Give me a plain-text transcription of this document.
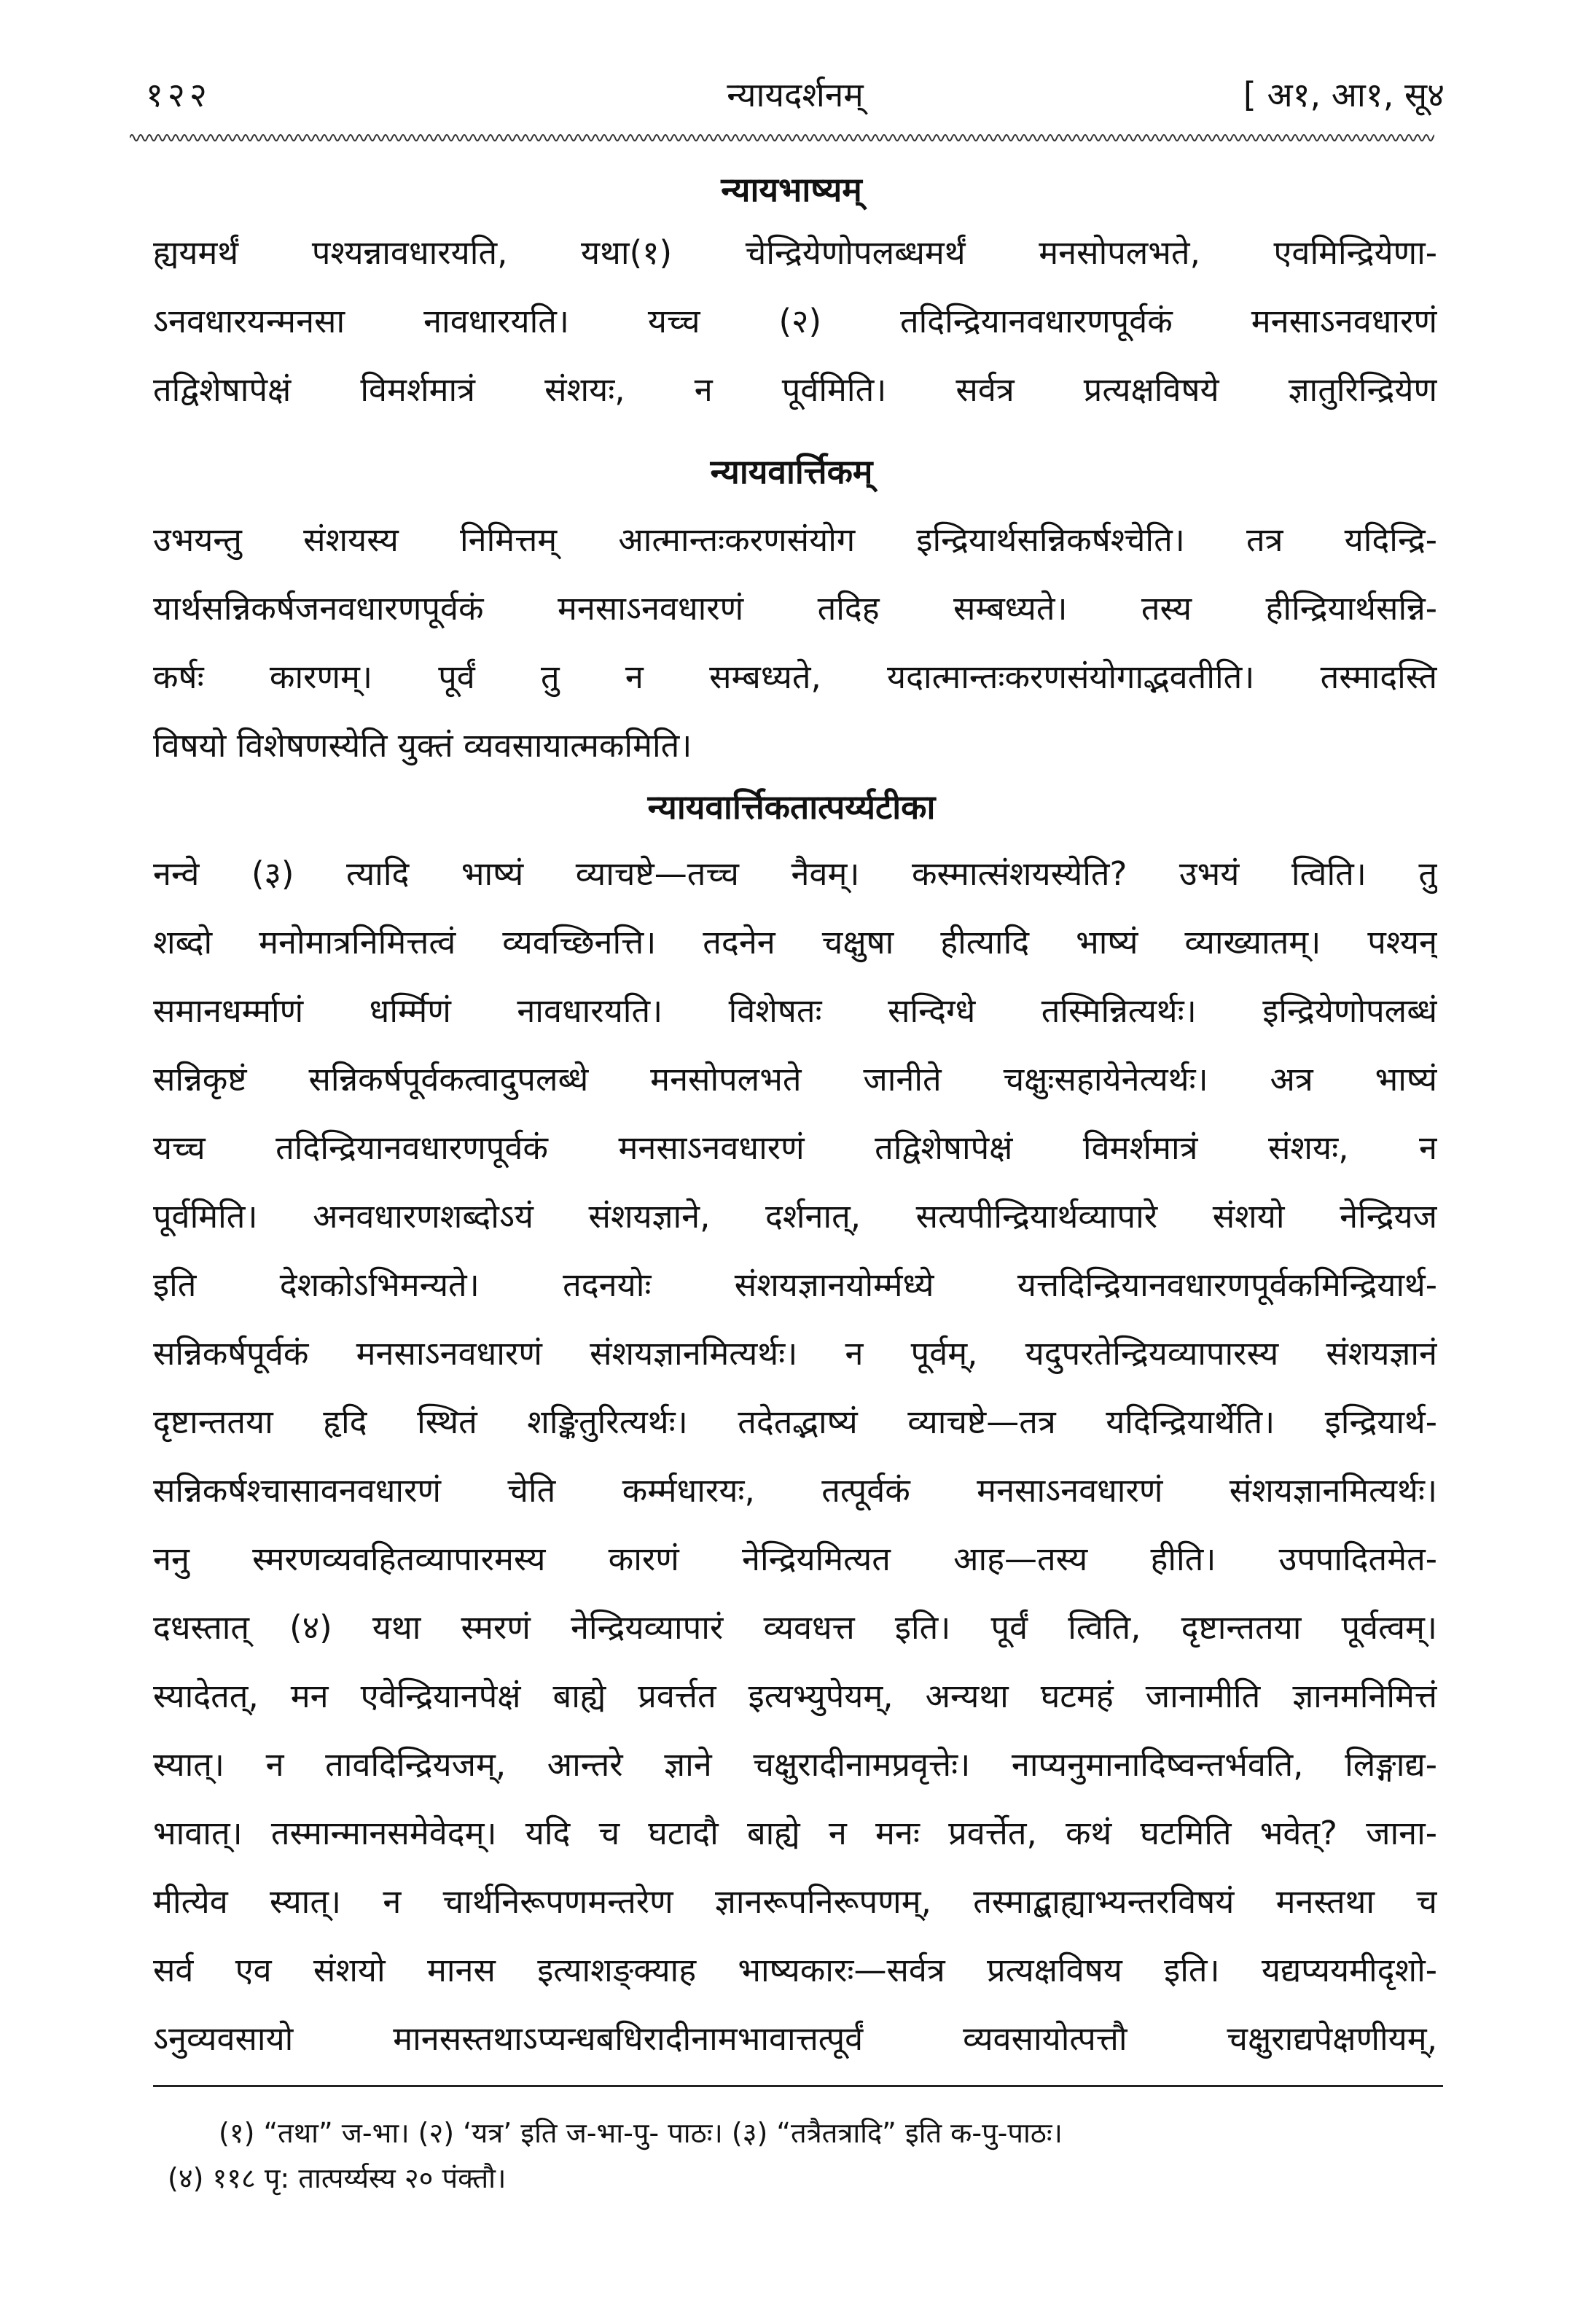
१२२	न्यायदर्शनम्	[ अ१, आ१, सू४
न्यायभाष्यम्
ह्ययमर्थं पश्यन्नावधारयति, यथा(१) चेन्द्रियेणोपलब्धमर्थं मनसोपलभते, एवमिन्द्रियेणा-
ऽनवधारयन्मनसा नावधारयति। यच्च (२) तदिन्द्रियानवधारणपूर्वकं मनसाऽनवधारणं
तद्विशेषापेक्षं विमर्शमात्रं संशयः, न पूर्वमिति। सर्वत्र प्रत्यक्षविषये ज्ञातुरिन्द्रियेण
न्यायवार्त्तिकम्
उभयन्तु संशयस्य निमित्तम् आत्मान्तःकरणसंयोग इन्द्रियार्थसन्निकर्षश्चेति। तत्र यदिन्द्रि-
यार्थसन्निकर्षजनवधारणपूर्वकं मनसाऽनवधारणं तदिह सम्बध्यते। तस्य हीन्द्रियार्थसन्नि-
कर्षः कारणम्। पूर्वं तु न सम्बध्यते, यदात्मान्तःकरणसंयोगाद्भवतीति। तस्मादस्ति
विषयो विशेषणस्येति युक्तं व्यवसायात्मकमिति।
न्यायवार्त्तिकतात्पर्य्यटीका
नन्वे (३) त्यादि भाष्यं व्याचष्टे—तच्च नैवम्। कस्मात्संशयस्येति? उभयं त्विति। तु
शब्दो मनोमात्रनिमित्तत्वं व्यवच्छिनत्ति। तदनेन चक्षुषा हीत्यादि भाष्यं व्याख्यातम्। पश्यन्
समानधर्म्माणं धर्म्मिणं नावधारयति। विशेषतः सन्दिग्धे तस्मिन्नित्यर्थः। इन्द्रियेणोपलब्धं
सन्निकृष्टं सन्निकर्षपूर्वकत्वादुपलब्धे मनसोपलभते जानीते चक्षुःसहायेनेत्यर्थः। अत्र भाष्यं
यच्च तदिन्द्रियानवधारणपूर्वकं मनसाऽनवधारणं तद्विशेषापेक्षं विमर्शमात्रं संशयः, न
पूर्वमिति। अनवधारणशब्दोऽयं संशयज्ञाने, दर्शनात्, सत्यपीन्द्रियार्थव्यापारे संशयो नेन्द्रियज
इति देशकोऽभिमन्यते। तदनयोः संशयज्ञानयोर्म्मध्ये यत्तदिन्द्रियानवधारणपूर्वकमिन्द्रियार्थ-
सन्निकर्षपूर्वकं मनसाऽनवधारणं संशयज्ञानमित्यर्थः। न पूर्वम्, यदुपरतेन्द्रियव्यापारस्य संशयज्ञानं
दृष्टान्ततया हृदि स्थितं शङ्कितुरित्यर्थः। तदेतद्भाष्यं व्याचष्टे—तत्र यदिन्द्रियार्थेति। इन्द्रियार्थ-
सन्निकर्षश्चासावनवधारणं चेति कर्म्मधारयः, तत्पूर्वकं मनसाऽनवधारणं संशयज्ञानमित्यर्थः।
ननु स्मरणव्यवहितव्यापारमस्य कारणं नेन्द्रियमित्यत आह—तस्य हीति। उपपादितमेत-
दधस्तात् (४) यथा स्मरणं नेन्द्रियव्यापारं व्यवधत्त इति। पूर्वं त्विति, दृष्टान्ततया पूर्वत्वम्।
स्यादेतत्, मन एवेन्द्रियानपेक्षं बाह्ये प्रवर्त्तत इत्यभ्युपेयम्, अन्यथा घटमहं जानामीति ज्ञानमनिमित्तं
स्यात्। न तावदिन्द्रियजम्, आन्तरे ज्ञाने चक्षुरादीनामप्रवृत्तेः। नाप्यनुमानादिष्वन्तर्भवति, लिङ्गाद्य-
भावात्। तस्मान्मानसमेवेदम्। यदि च घटादौ बाह्ये न मनः प्रवर्त्तेत, कथं घटमिति भवेत्? जाना-
मीत्येव स्यात्। न चार्थनिरूपणमन्तरेण ज्ञानरूपनिरूपणम्, तस्माद्बाह्याभ्यन्तरविषयं मनस्तथा च
सर्व एव संशयो मानस इत्याशङ्क्याह भाष्यकारः—सर्वत्र प्रत्यक्षविषय इति। यद्यप्ययमीदृशो-
ऽनुव्यवसायो मानसस्तथाऽप्यन्धबधिरादीनामभावात्तत्पूर्वं व्यवसायोत्पत्तौ चक्षुराद्यपेक्षणीयम्,
(१) “तथा” ज-भा। (२) ‘यत्र’ इति ज-भा-पु- पाठः। (३) “तत्रैतत्रादि” इति क-पु-पाठः।
(४) ११८ पृ: तात्पर्य्यस्य २० पंक्तौ।
